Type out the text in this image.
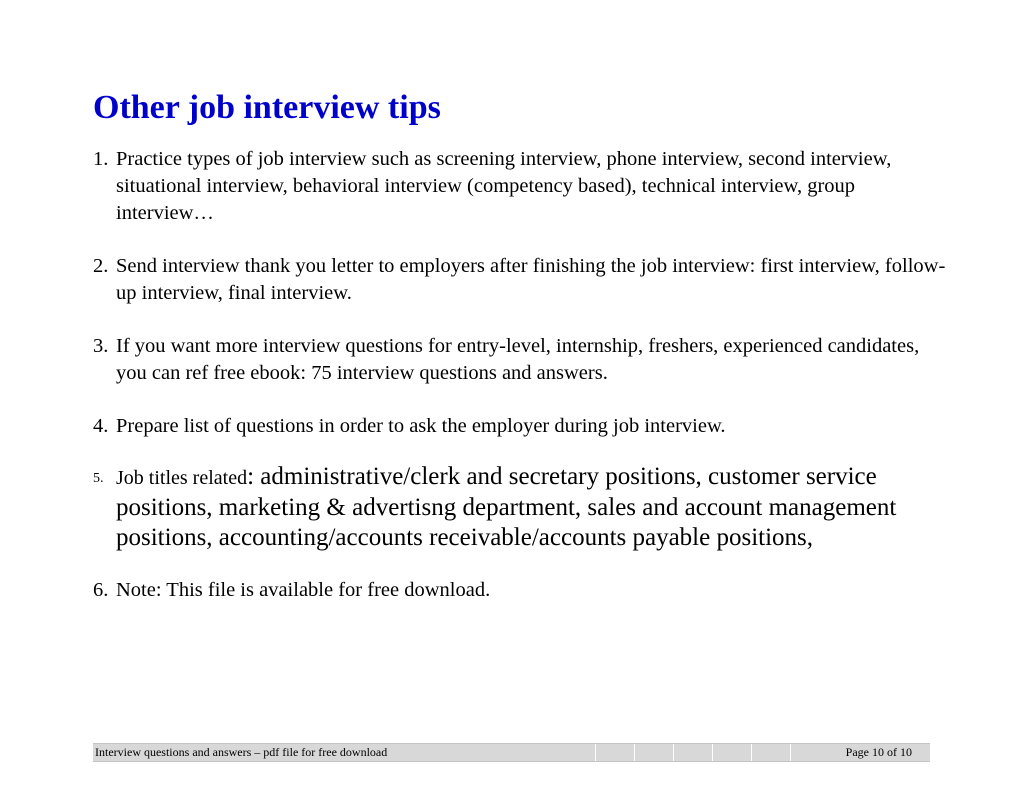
Other job interview tips
1. Practice types of job interview such as screening interview, phone interview, second interview, situational interview, behavioral interview (competency based), technical interview, group interview…
2. Send interview thank you letter to employers after finishing the job interview: first interview, follow-up interview, final interview.
3. If you want more interview questions for entry-level, internship, freshers, experienced candidates, you can ref free ebook: 75 interview questions and answers.
4. Prepare list of questions in order to ask the employer during job interview.
5. Job titles related: administrative/clerk and secretary positions, customer service positions, marketing & advertisng department, sales and account management positions, accounting/accounts receivable/accounts payable positions,
6. Note: This file is available for free download.
Interview questions and answers – pdf file for free download	Page 10 of 10
